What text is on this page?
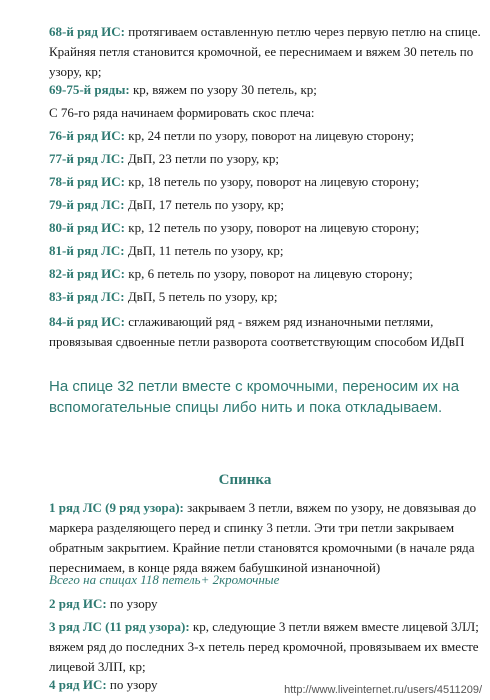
68-й ряд ИС: протягиваем оставленную петлю через первую петлю на спице. Крайняя петля становится кромочной, ее переснимаем и вяжем 30 петель по узору, кр;

69-75-й ряды: кр, вяжем по узору 30 петель, кр;

С 76-го ряда начинаем формировать скос плеча:

76-й ряд ИС: кр, 24 петли по узору, поворот на лицевую сторону;

77-й ряд ЛС: ДвП, 23 петли по узору, кр;

78-й ряд ИС: кр, 18 петель по узору, поворот на лицевую сторону;

79-й ряд ЛС: ДвП, 17 петель по узору, кр;

80-й ряд ИС: кр, 12 петель по узору, поворот на лицевую сторону;

81-й ряд ЛС: ДвП, 11 петель по узору, кр;

82-й ряд ИС: кр, 6 петель по узору, поворот на лицевую сторону;

83-й ряд ЛС: ДвП, 5 петель по узору, кр;

84-й ряд ИС: сглаживающий ряд - вяжем ряд изнаночными петлями, провязывая сдвоенные петли разворота соответствующим способом ИДвП

На спице 32 петли вместе с кромочными, переносим их на вспомогательные спицы либо нить и пока откладываем.

Спинка

1 ряд ЛС (9 ряд узора): закрываем 3 петли, вяжем по узору, не довязывая до маркера разделяющего перед и спинку 3 петли. Эти три петли закрываем обратным закрытием. Крайние петли становятся кромочными (в начале ряда переснимаем, в конце ряда вяжем бабушкиной изнаночной)

Всего на спицах 118 петель+ 2кромочные

2 ряд ИС: по узору

3 ряд ЛС (11 ряд узора): кр, следующие 3 петли вяжем вместе лицевой 3ЛЛ; вяжем ряд до последних 3-х петель перед кромочной, провязываем их вместе лицевой 3ЛП, кр;

4 ряд ИС: по узору	http://www.liveinternet.ru/users/4511209/
